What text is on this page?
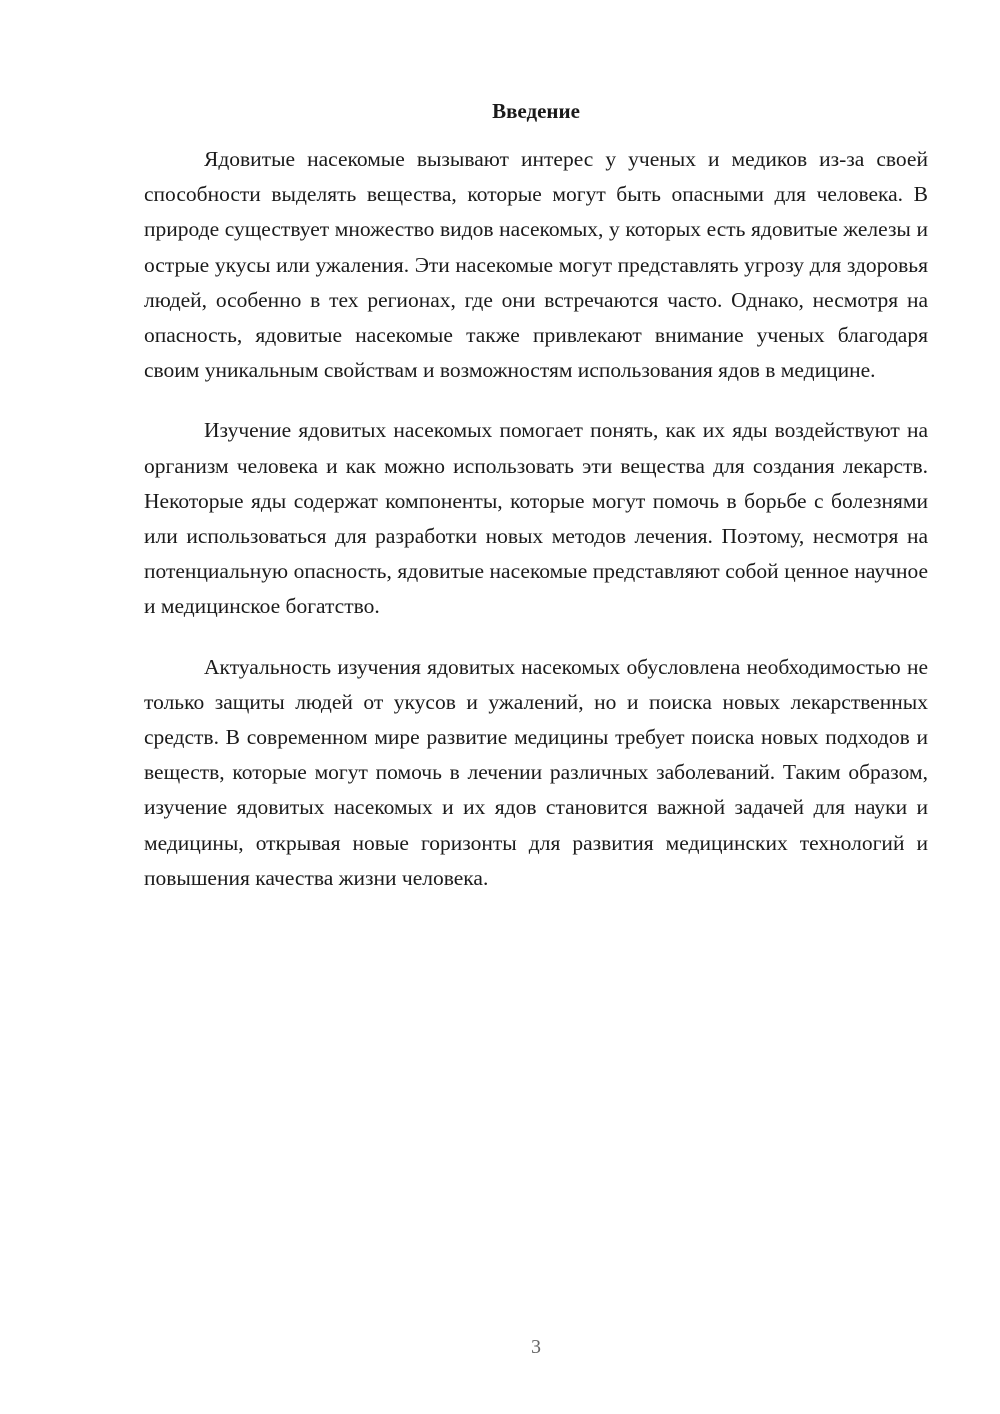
Введение

Ядовитые насекомые вызывают интерес у ученых и медиков из-за своей способности выделять вещества, которые могут быть опасными для человека. В природе существует множество видов насекомых, у которых есть ядовитые железы и острые укусы или ужаления. Эти насекомые могут представлять угрозу для здоровья людей, особенно в тех регионах, где они встречаются часто. Однако, несмотря на опасность, ядовитые насекомые также привлекают внимание ученых благодаря своим уникальным свойствам и возможностям использования ядов в медицине.

Изучение ядовитых насекомых помогает понять, как их яды воздействуют на организм человека и как можно использовать эти вещества для создания лекарств. Некоторые яды содержат компоненты, которые могут помочь в борьбе с болезнями или использоваться для разработки новых методов лечения. Поэтому, несмотря на потенциальную опасность, ядовитые насекомые представляют собой ценное научное и медицинское богатство.

Актуальность изучения ядовитых насекомых обусловлена необходимостью не только защиты людей от укусов и ужалений, но и поиска новых лекарственных средств. В современном мире развитие медицины требует поиска новых подходов и веществ, которые могут помочь в лечении различных заболеваний. Таким образом, изучение ядовитых насекомых и их ядов становится важной задачей для науки и медицины, открывая новые горизонты для развития медицинских технологий и повышения качества жизни человека.

3
